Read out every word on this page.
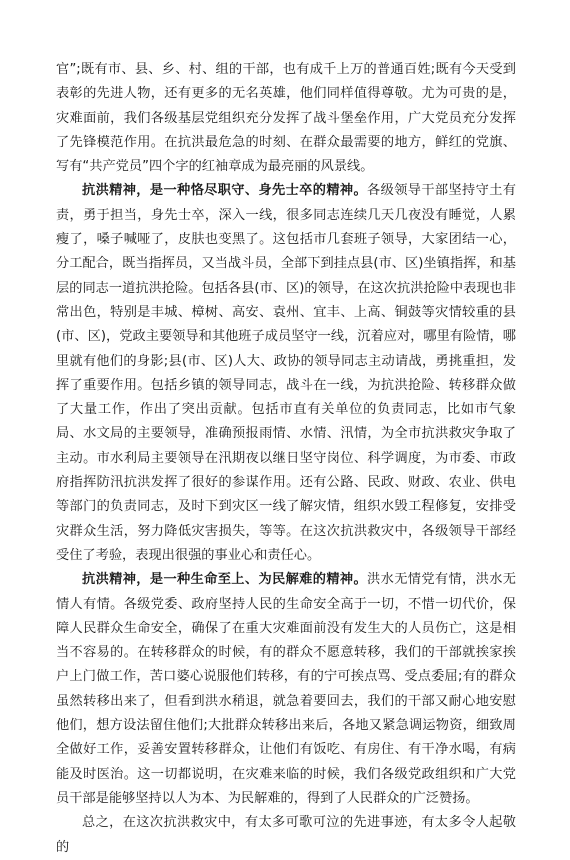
官”;既有市、县、乡、村、组的干部，也有成千上万的普通百姓;既有今天受到表彰的先进人物，还有更多的无名英雄，他们同样值得尊敬。尤为可贵的是，灾难面前，我们各级基层党组织充分发挥了战斗堡垒作用，广大党员充分发挥了先锋模范作用。在抗洪最危急的时刻、在群众最需要的地方，鲜红的党旗、写有“共产党员”四个字的红袖章成为最亮丽的风景线。

抗洪精神，是一种恪尽职守、身先士卒的精神。各级领导干部坚持守土有责，勇于担当，身先士卒，深入一线，很多同志连续几天几夜没有睡觉，人累瘦了，嗓子喊哑了，皮肤也变黑了。这包括市几套班子领导，大家团结一心，分工配合，既当指挥员，又当战斗员，全部下到挂点县(市、区)坐镇指挥，和基层的同志一道抗洪抢险。包括各县(市、区)的领导，在这次抗洪抢险中表现也非常出色，特别是丰城、樟树、高安、袁州、宜丰、上高、铜鼓等灾情较重的县(市、区)，党政主要领导和其他班子成员坚守一线，沉着应对，哪里有险情，哪里就有他们的身影;县(市、区)人大、政协的领导同志主动请战，勇挑重担，发挥了重要作用。包括乡镇的领导同志，战斗在一线，为抗洪抢险、转移群众做了大量工作，作出了突出贡献。包括市直有关单位的负责同志，比如市气象局、水文局的主要领导，准确预报雨情、水情、汛情，为全市抗洪救灾争取了主动。市水利局主要领导在汛期夜以继日坚守岗位、科学调度，为市委、市政府指挥防汛抗洪发挥了很好的参谋作用。还有公路、民政、财政、农业、供电等部门的负责同志，及时下到灾区一线了解灾情，组织水毁工程修复，安排受灾群众生活，努力降低灾害损失，等等。在这次抗洪救灾中，各级领导干部经受住了考验，表现出很强的事业心和责任心。

抗洪精神，是一种生命至上、为民解难的精神。洪水无情党有情，洪水无情人有情。各级党委、政府坚持人民的生命安全高于一切，不惜一切代价，保障人民群众生命安全，确保了在重大灾难面前没有发生大的人员伤亡，这是相当不容易的。在转移群众的时候，有的群众不愿意转移，我们的干部就挨家挨户上门做工作，苦口婆心说服他们转移，有的宁可挨点骂、受点委屈;有的群众虽然转移出来了，但看到洪水稍退，就急着要回去，我们的干部又耐心地安慰他们，想方设法留住他们;大批群众转移出来后，各地又紧急调运物资，细致周全做好工作，妥善安置转移群众，让他们有饭吃、有房住、有干净水喝，有病能及时医治。这一切都说明，在灾难来临的时候，我们各级党政组织和广大党员干部是能够坚持以人为本、为民解难的，得到了人民群众的广泛赞扬。

总之，在这次抗洪救灾中，有太多可歌可泣的先进事迹，有太多令人起敬的
